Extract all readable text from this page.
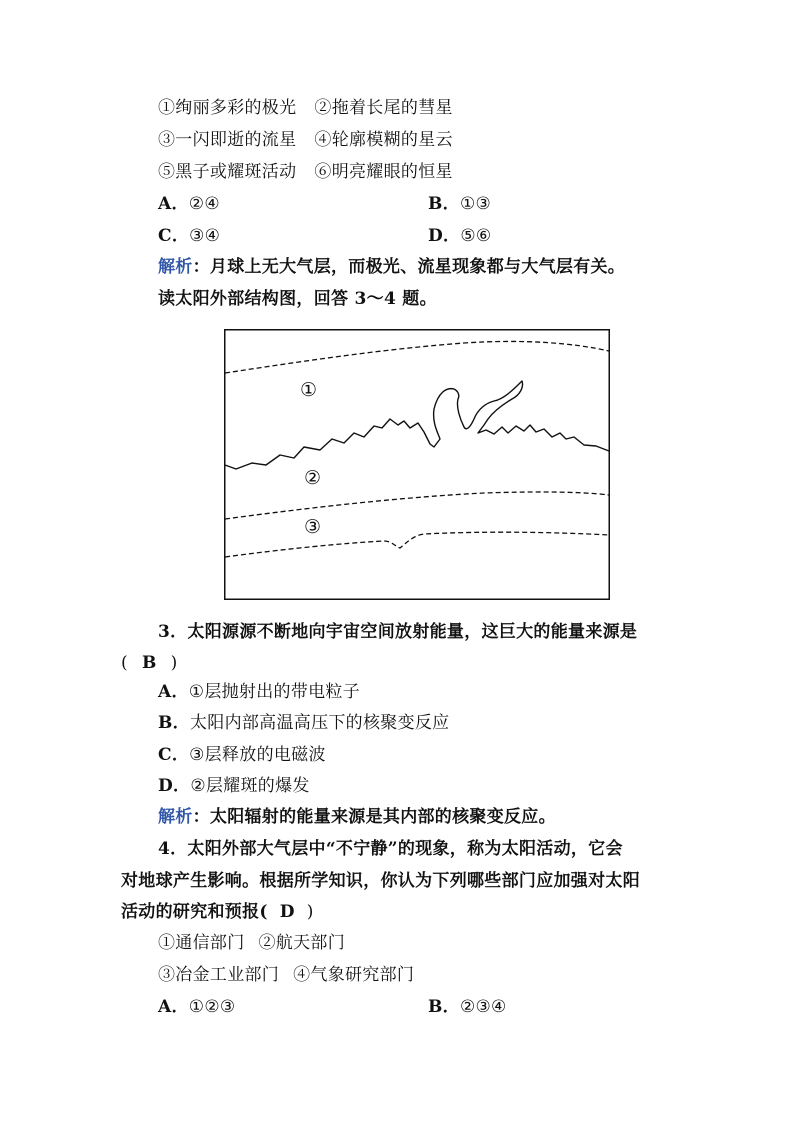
①绚丽多彩的极光 ②拖着长尾的彗星
③一闪即逝的流星 ④轮廓模糊的星云
⑤黑子或耀斑活动 ⑥明亮耀眼的恒星
A．②④	B．①③
C．③④	D．⑤⑥
解析：月球上无大气层，而极光、流星现象都与大气层有关。
读太阳外部结构图，回答 3～4 题。
①
②
③
3．太阳源源不断地向宇宙空间放射能量，这巨大的能量来源是
( B )
A．①层抛射出的带电粒子
B．太阳内部高温高压下的核聚变反应
C．③层释放的电磁波
D．②层耀斑的爆发
解析：太阳辐射的能量来源是其内部的核聚变反应。
4．太阳外部大气层中“不宁静”的现象，称为太阳活动，它会
对地球产生影响。根据所学知识，你认为下列哪些部门应加强对太阳
活动的研究和预报( D )
①通信部门 ②航天部门
③冶金工业部门 ④气象研究部门
A．①②③	B．②③④
